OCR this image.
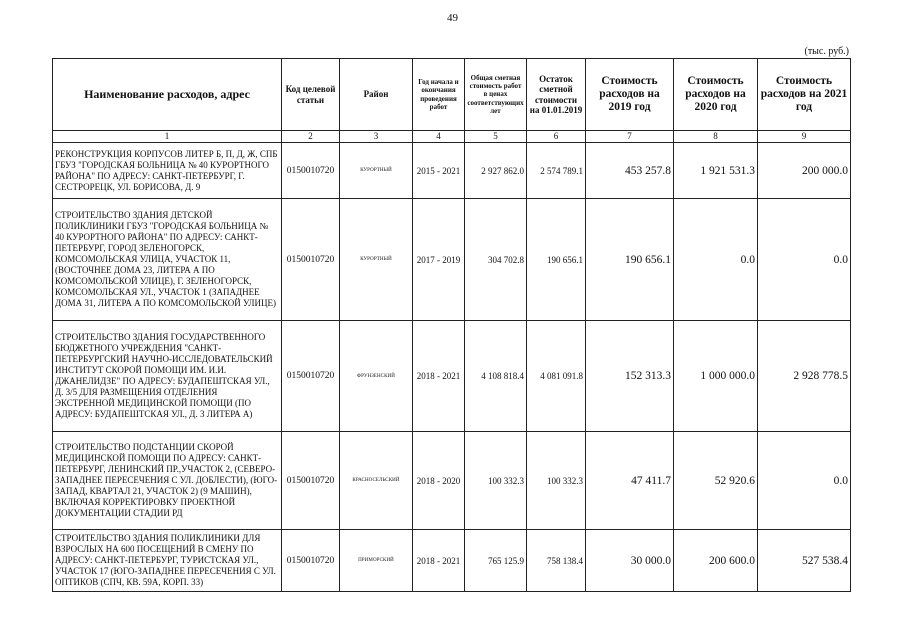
49
(тыс. руб.)
Наименование расходов, адрес	Код целевой статьи	Район	Год начала и окончания проведения работ	Общая сметная стоимость работ в ценах соответствующих лет	Остаток сметной стоимости на 01.01.2019	Стоимость расходов на 2019 год	Стоимость расходов на 2020 год	Стоимость расходов на 2021 год
1	2	3	4	5	6	7	8	9
РЕКОНСТРУКЦИЯ КОРПУСОВ ЛИТЕР Б, П, Д, Ж, СПБ ГБУЗ "ГОРОДСКАЯ БОЛЬНИЦА № 40 КУРОРТНОГО РАЙОНА" ПО АДРЕСУ: САНКТ-ПЕТЕРБУРГ, Г. СЕСТРОРЕЦК, УЛ. БОРИСОВА, Д. 9	0150010720	КУРОРТНЫЙ	2015 - 2021	2 927 862.0	2 574 789.1	453 257.8	1 921 531.3	200 000.0
СТРОИТЕЛЬСТВО ЗДАНИЯ ДЕТСКОЙ ПОЛИКЛИНИКИ ГБУЗ "ГОРОДСКАЯ БОЛЬНИЦА № 40 КУРОРТНОГО РАЙОНА" ПО АДРЕСУ: САНКТ-ПЕТЕРБУРГ, ГОРОД ЗЕЛЕНОГОРСК, КОМСОМОЛЬСКАЯ УЛИЦА, УЧАСТОК 11, (ВОСТОЧНЕЕ ДОМА 23, ЛИТЕРА А ПО КОМСОМОЛЬСКОЙ УЛИЦЕ), Г. ЗЕЛЕНОГОРСК, КОМСОМОЛЬСКАЯ УЛ., УЧАСТОК 1 (ЗАПАДНЕЕ ДОМА 31, ЛИТЕРА А ПО КОМСОМОЛЬСКОЙ УЛИЦЕ)	0150010720	КУРОРТНЫЙ	2017 - 2019	304 702.8	190 656.1	190 656.1	0.0	0.0
СТРОИТЕЛЬСТВО ЗДАНИЯ ГОСУДАРСТВЕННОГО БЮДЖЕТНОГО УЧРЕЖДЕНИЯ "САНКТ-ПЕТЕРБУРГСКИЙ НАУЧНО-ИССЛЕДОВАТЕЛЬСКИЙ ИНСТИТУТ СКОРОЙ ПОМОЩИ ИМ. И.И. ДЖАНЕЛИДЗЕ" ПО АДРЕСУ: БУДАПЕШТСКАЯ УЛ., Д. 3/5 ДЛЯ РАЗМЕЩЕНИЯ ОТДЕЛЕНИЯ ЭКСТРЕННОЙ МЕДИЦИНСКОЙ ПОМОЩИ (ПО АДРЕСУ: БУДАПЕШТСКАЯ УЛ., Д. 3 ЛИТЕРА А)	0150010720	ФРУНЗЕНСКИЙ	2018 - 2021	4 108 818.4	4 081 091.8	152 313.3	1 000 000.0	2 928 778.5
СТРОИТЕЛЬСТВО ПОДСТАНЦИИ СКОРОЙ МЕДИЦИНСКОЙ ПОМОЩИ ПО АДРЕСУ: САНКТ-ПЕТЕРБУРГ, ЛЕНИНСКИЙ ПР.,УЧАСТОК 2, (СЕВЕРО-ЗАПАДНЕЕ ПЕРЕСЕЧЕНИЯ С УЛ. ДОБЛЕСТИ), (ЮГО-ЗАПАД, КВАРТАЛ 21, УЧАСТОК 2) (9 МАШИН), ВКЛЮЧАЯ КОРРЕКТИРОВКУ ПРОЕКТНОЙ ДОКУМЕНТАЦИИ СТАДИИ РД	0150010720	КРАСНОСЕЛЬСКИЙ	2018 - 2020	100 332.3	100 332.3	47 411.7	52 920.6	0.0
СТРОИТЕЛЬСТВО ЗДАНИЯ ПОЛИКЛИНИКИ ДЛЯ ВЗРОСЛЫХ НА 600 ПОСЕЩЕНИЙ В СМЕНУ ПО АДРЕСУ: САНКТ-ПЕТЕРБУРГ, ТУРИСТСКАЯ УЛ., УЧАСТОК 17 (ЮГО-ЗАПАДНЕЕ ПЕРЕСЕЧЕНИЯ С УЛ. ОПТИКОВ (СПЧ, КВ. 59А, КОРП. 33)	0150010720	ПРИМОРСКИЙ	2018 - 2021	765 125.9	758 138.4	30 000.0	200 600.0	527 538.4
